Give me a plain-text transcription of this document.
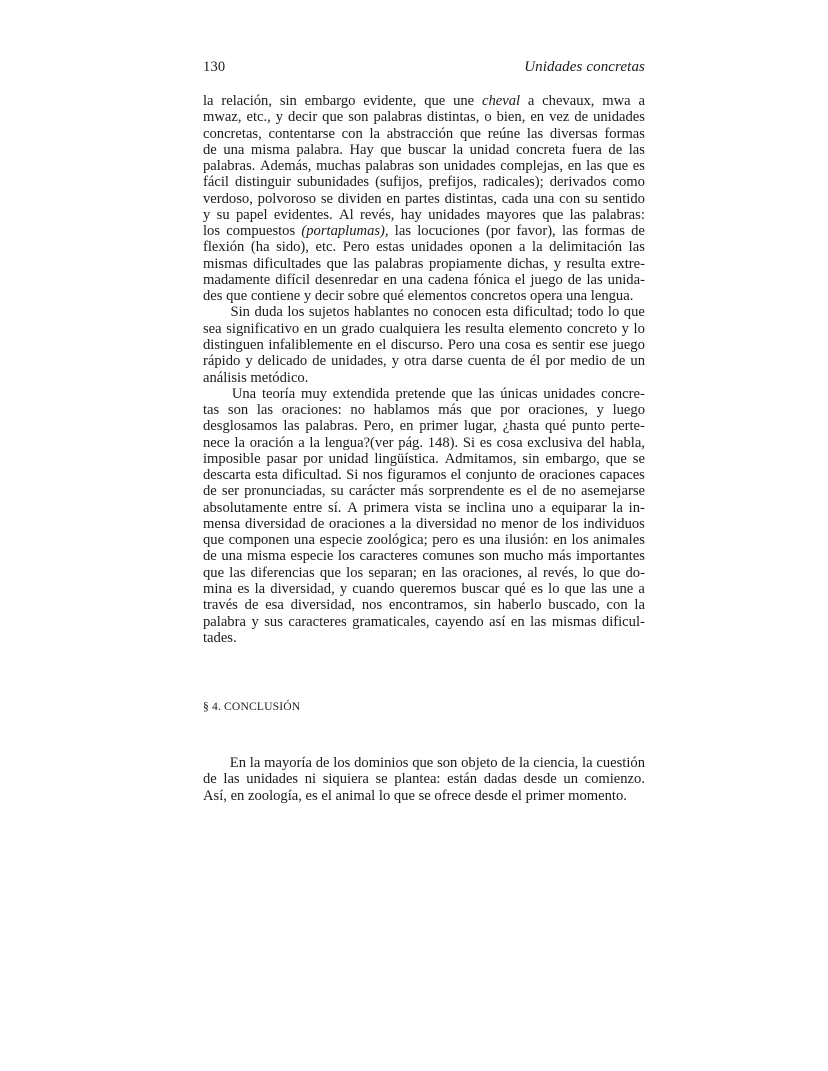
130	Unidades concretas

la relación, sin embargo evidente, que une cheval a chevaux, mwa a
mwaz, etc., y decir que son palabras distintas, o bien, en vez de unidades
concretas, contentarse con la abstracción que reúne las diversas formas
de una misma palabra. Hay que buscar la unidad concreta fuera de las
palabras. Además, muchas palabras son unidades complejas, en las que es
fácil distinguir subunidades (sufijos, prefijos, radicales); derivados como
verdoso, polvoroso se dividen en partes distintas, cada una con su sentido
y su papel evidentes. Al revés, hay unidades mayores que las palabras:
los compuestos (portaplumas), las locuciones (por favor), las formas de
flexión (ha sido), etc. Pero estas unidades oponen a la delimitación las
mismas dificultades que las palabras propiamente dichas, y resulta extre-
madamente difícil desenredar en una cadena fónica el juego de las unida-
des que contiene y decir sobre qué elementos concretos opera una lengua.

Sin duda los sujetos hablantes no conocen esta dificultad; todo lo que
sea significativo en un grado cualquiera les resulta elemento concreto y lo
distinguen infaliblemente en el discurso. Pero una cosa es sentir ese juego
rápido y delicado de unidades, y otra darse cuenta de él por medio de un
análisis metódico.

Una teoría muy extendida pretende que las únicas unidades concre-
tas son las oraciones: no hablamos más que por oraciones, y luego
desglosamos las palabras. Pero, en primer lugar, ¿hasta qué punto perte-
nece la oración a la lengua?(ver pág. 148). Si es cosa exclusiva del habla,
imposible pasar por unidad lingüística. Admitamos, sin embargo, que se
descarta esta dificultad. Si nos figuramos el conjunto de oraciones capaces
de ser pronunciadas, su carácter más sorprendente es el de no asemejarse
absolutamente entre sí. A primera vista se inclina uno a equiparar la in-
mensa diversidad de oraciones a la diversidad no menor de los individuos
que componen una especie zoológica; pero es una ilusión: en los animales
de una misma especie los caracteres comunes son mucho más importantes
que las diferencias que los separan; en las oraciones, al revés, lo que do-
mina es la diversidad, y cuando queremos buscar qué es lo que las une a
través de esa diversidad, nos encontramos, sin haberlo buscado, con la
palabra y sus caracteres gramaticales, cayendo así en las mismas dificul-
tades.

§ 4. CONCLUSIÓN

En la mayoría de los dominios que son objeto de la ciencia, la cuestión
de las unidades ni siquiera se plantea: están dadas desde un comienzo.
Así, en zoología, es el animal lo que se ofrece desde el primer momento.
